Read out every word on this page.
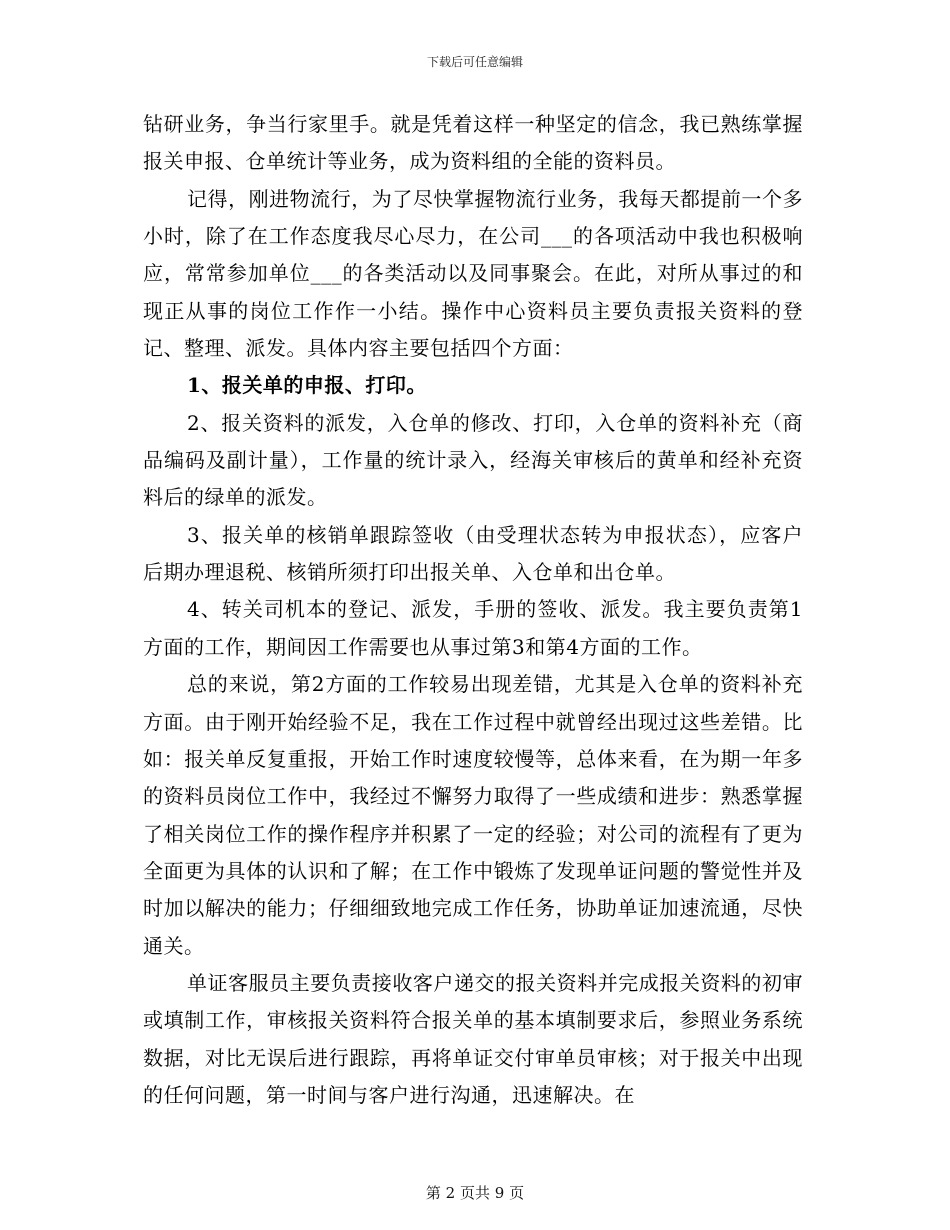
下载后可任意编辑

钻研业务，争当行家里手。就是凭着这样一种坚定的信念，我已熟练掌握报关申报、仓单统计等业务，成为资料组的全能的资料员。

记得，刚进物流行，为了尽快掌握物流行业务，我每天都提前一个多小时，除了在工作态度我尽心尽力，在公司___的各项活动中我也积极响应，常常参加单位___的各类活动以及同事聚会。在此，对所从事过的和现正从事的岗位工作作一小结。操作中心资料员主要负责报关资料的登记、整理、派发。具体内容主要包括四个方面：

1、报关单的申报、打印。

2、报关资料的派发，入仓单的修改、打印，入仓单的资料补充（商品编码及副计量），工作量的统计录入，经海关审核后的黄单和经补充资料后的绿单的派发。

3、报关单的核销单跟踪签收（由受理状态转为申报状态），应客户后期办理退税、核销所须打印出报关单、入仓单和出仓单。

4、转关司机本的登记、派发，手册的签收、派发。我主要负责第1方面的工作，期间因工作需要也从事过第3和第4方面的工作。

总的来说，第2方面的工作较易出现差错，尤其是入仓单的资料补充方面。由于刚开始经验不足，我在工作过程中就曾经出现过这些差错。比如：报关单反复重报，开始工作时速度较慢等，总体来看，在为期一年多的资料员岗位工作中，我经过不懈努力取得了一些成绩和进步：熟悉掌握了相关岗位工作的操作程序并积累了一定的经验；对公司的流程有了更为全面更为具体的认识和了解；在工作中锻炼了发现单证问题的警觉性并及时加以解决的能力；仔细细致地完成工作任务，协助单证加速流通，尽快通关。

单证客服员主要负责接收客户递交的报关资料并完成报关资料的初审或填制工作，审核报关资料符合报关单的基本填制要求后，参照业务系统数据，对比无误后进行跟踪，再将单证交付审单员审核；对于报关中出现的任何问题，第一时间与客户进行沟通，迅速解决。在

第 2 页共 9 页
